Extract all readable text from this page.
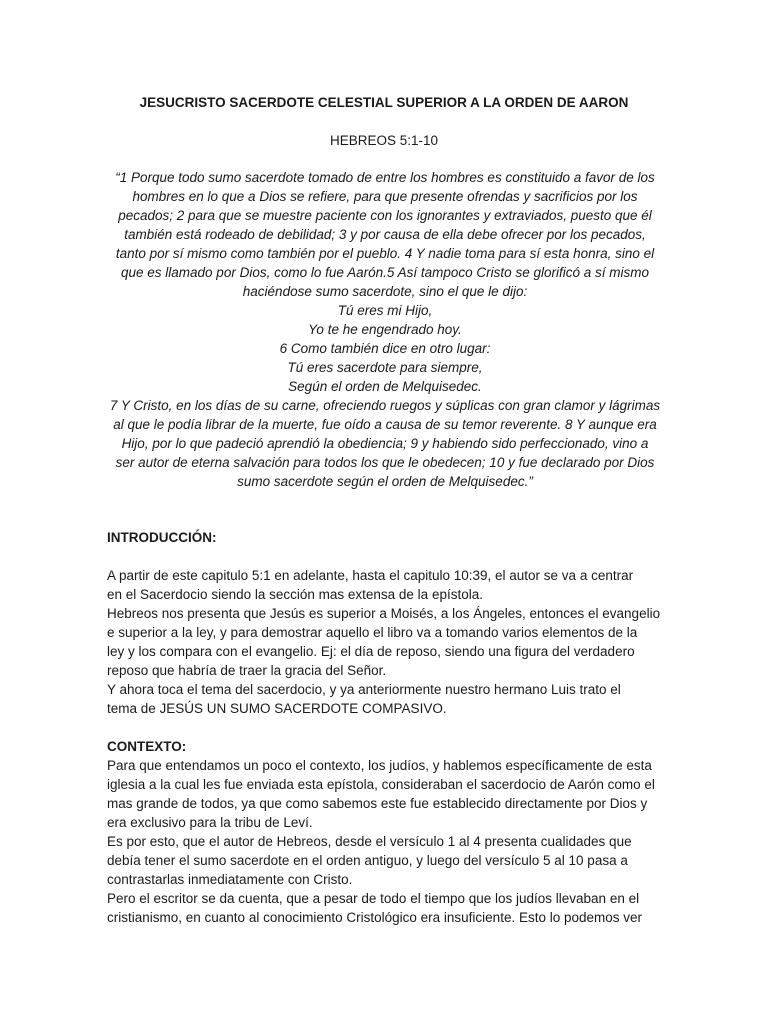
JESUCRISTO SACERDOTE CELESTIAL SUPERIOR A LA ORDEN DE AARON
HEBREOS 5:1-10
“1 Porque todo sumo sacerdote tomado de entre los hombres es constituido a favor de los
hombres en lo que a Dios se refiere, para que presente ofrendas y sacrificios por los
pecados; 2 para que se muestre paciente con los ignorantes y extraviados, puesto que él
también está rodeado de debilidad; 3 y por causa de ella debe ofrecer por los pecados,
tanto por sí mismo como también por el pueblo. 4 Y nadie toma para sí esta honra, sino el
que es llamado por Dios, como lo fue Aarón.5 Así tampoco Cristo se glorificó a sí mismo
haciéndose sumo sacerdote, sino el que le dijo:
Tú eres mi Hijo,
Yo te he engendrado hoy.
6 Como también dice en otro lugar:
Tú eres sacerdote para siempre,
Según el orden de Melquisedec.
7 Y Cristo, en los días de su carne, ofreciendo ruegos y súplicas con gran clamor y lágrimas
al que le podía librar de la muerte, fue oído a causa de su temor reverente. 8 Y aunque era
Hijo, por lo que padeció aprendió la obediencia; 9 y habiendo sido perfeccionado, vino a
ser autor de eterna salvación para todos los que le obedecen; 10 y fue declarado por Dios
sumo sacerdote según el orden de Melquisedec.”
INTRODUCCIÓN:
A partir de este capitulo 5:1 en adelante, hasta el capitulo 10:39, el autor se va a centrar
en el Sacerdocio siendo la sección mas extensa de la epístola.
Hebreos nos presenta que Jesús es superior a Moisés, a los Ángeles, entonces el evangelio
e superior a la ley, y para demostrar aquello el libro va a tomando varios elementos de la
ley y los compara con el evangelio. Ej: el día de reposo, siendo una figura del verdadero
reposo que habría de traer la gracia del Señor.
Y ahora toca el tema del sacerdocio, y ya anteriormente nuestro hermano Luis trato el
tema de JESÚS UN SUMO SACERDOTE COMPASIVO.
CONTEXTO:
Para que entendamos un poco el contexto, los judíos, y hablemos específicamente de esta
iglesia a la cual les fue enviada esta epístola, consideraban el sacerdocio de Aarón como el
mas grande de todos, ya que como sabemos este fue establecido directamente por Dios y
era exclusivo para la tribu de Leví.
Es por esto, que el autor de Hebreos, desde el versículo 1 al 4 presenta cualidades que
debía tener el sumo sacerdote en el orden antiguo, y luego del versículo 5 al 10 pasa a
contrastarlas inmediatamente con Cristo.
Pero el escritor se da cuenta, que a pesar de todo el tiempo que los judíos llevaban en el
cristianismo, en cuanto al conocimiento Cristológico era insuficiente. Esto lo podemos ver
